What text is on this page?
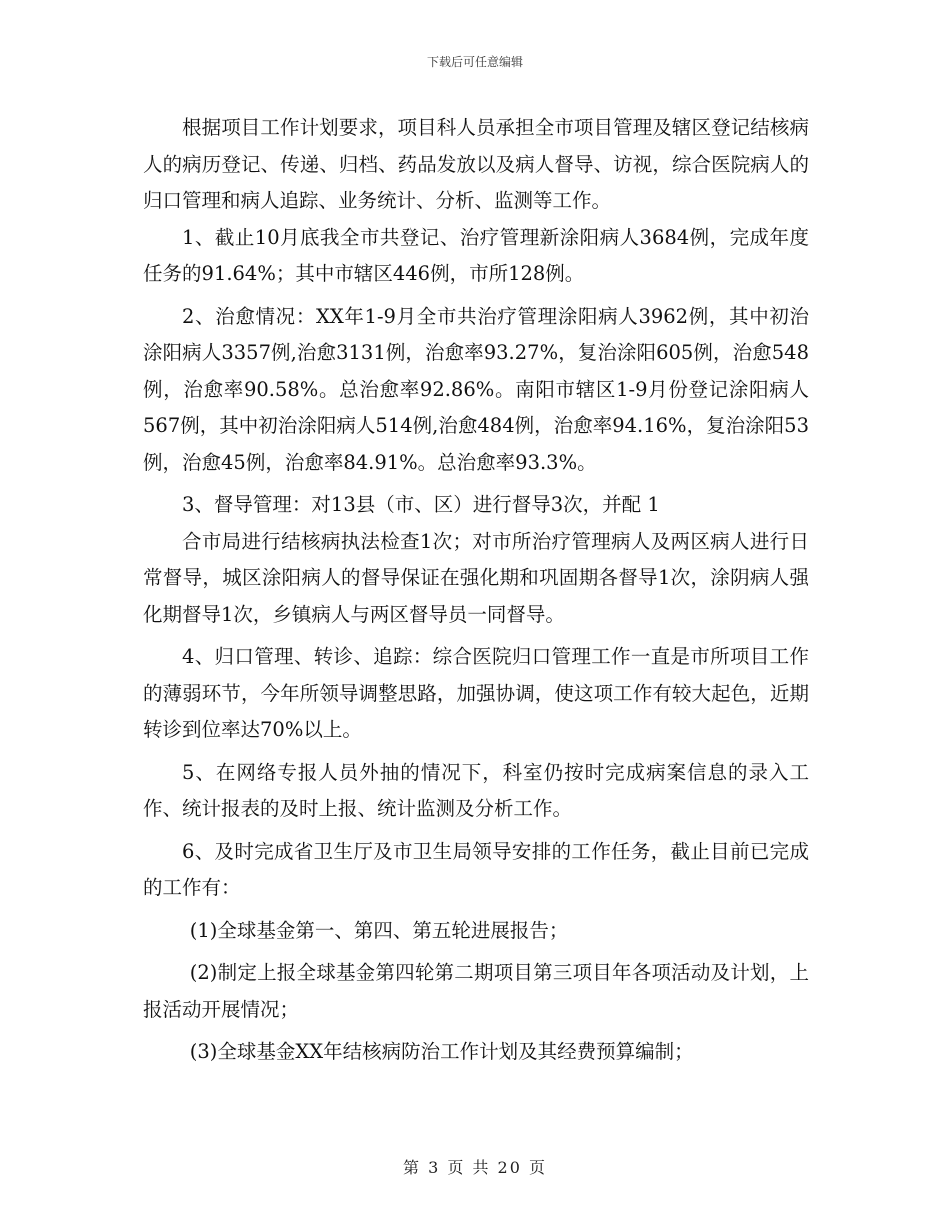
下载后可任意编辑

根据项目工作计划要求，项目科人员承担全市项目管理及辖区登记结核病人的病历登记、传递、归档、药品发放以及病人督导、访视，综合医院病人的归口管理和病人追踪、业务统计、分析、监测等工作。

1、截止10月底我全市共登记、治疗管理新涂阳病人3684例，完成年度任务的91.64%；其中市辖区446例，市所128例。

2、治愈情况：XX年1-9月全市共治疗管理涂阳病人3962例，其中初治涂阳病人3357例,治愈3131例，治愈率93.27%，复治涂阳605例，治愈548例，治愈率90.58%。总治愈率92.86%。南阳市辖区1-9月份登记涂阳病人567例，其中初治涂阳病人514例,治愈484例，治愈率94.16%，复治涂阳53例，治愈45例，治愈率84.91%。总治愈率93.3%。

3、督导管理：对13县（市、区）进行督导3次，并配 1

合市局进行结核病执法检查1次；对市所治疗管理病人及两区病人进行日常督导，城区涂阳病人的督导保证在强化期和巩固期各督导1次，涂阴病人强化期督导1次，乡镇病人与两区督导员一同督导。

4、归口管理、转诊、追踪：综合医院归口管理工作一直是市所项目工作的薄弱环节，今年所领导调整思路，加强协调，使这项工作有较大起色，近期转诊到位率达70%以上。

5、在网络专报人员外抽的情况下，科室仍按时完成病案信息的录入工作、统计报表的及时上报、统计监测及分析工作。

6、及时完成省卫生厅及市卫生局领导安排的工作任务，截止目前已完成的工作有：

(1)全球基金第一、第四、第五轮进展报告；

(2)制定上报全球基金第四轮第二期项目第三项目年各项活动及计划，上报活动开展情况；

(3)全球基金XX年结核病防治工作计划及其经费预算编制；

第 3 页 共 20 页
